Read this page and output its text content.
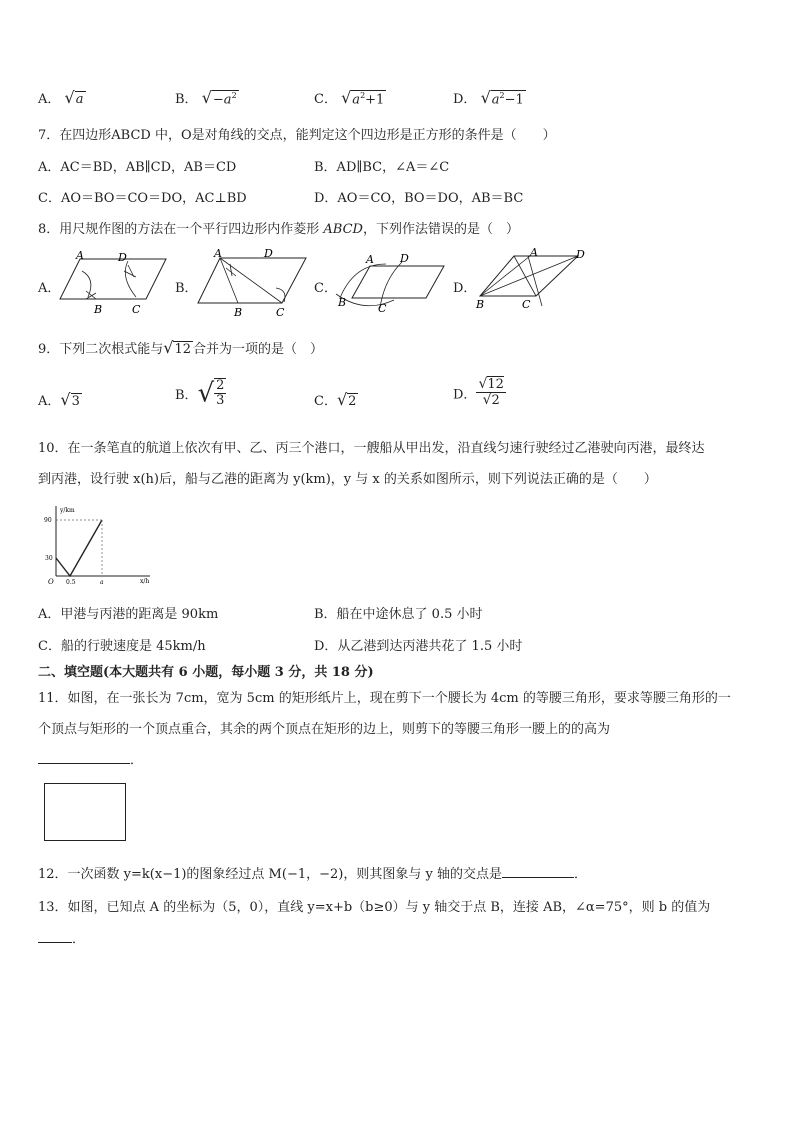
A． √a	B． $√-a^2$	C． $√a^2+1$	D． $√a^2-1$
7．在四边形ABCD 中，O是对角线的交点，能判定这个四边形是正方形的条件是（　　）
A．AC＝BD，AB∥CD，AB＝CD	B．AD∥BC，∠A＝∠C
C．AO＝BO＝CO＝DO，AC⊥BD	D．AO＝CO，BO＝DO，AB＝BC
8．用尺规作图的方法在一个平行四边形内作菱形 ABCD，下列作法错误的是（　）
A．
A	D
B	C
B．
A	D
B	C
C．
A D
B	C
D．
A	D
B	C
9．下列二次根式能与√12 合并为一项的是（　）
A．√3	B．√ $\frac{2}{3}$	C．√2	D． $\frac{√12}{√2}$
10．在一条笔直的航道上依次有甲、乙、丙三个港口，一艘船从甲出发，沿直线匀速行驶经过乙港驶向丙港，最终达
到丙港，设行驶 x(h)后，船与乙港的距离为 y(km)，y 与 x 的关系如图所示，则下列说法正确的是（　　）
y/km
x/h
O
90
30
0.5	a
A．甲港与丙港的距离是 90km	B．船在中途休息了 0.5 小时
C．船的行驶速度是 45km/h	D．从乙港到达丙港共花了 1.5 小时
二、填空题(本大题共有 6 小题，每小题 3 分，共 18 分)
11．如图，在一张长为 7cm，宽为 5cm 的矩形纸片上，现在剪下一个腰长为 4cm 的等腰三角形，要求等腰三角形的一
个顶点与矩形的一个顶点重合，其余的两个顶点在矩形的边上，则剪下的等腰三角形一腰上的的高为
．
12．一次函数 y=k(x−1)的图象经过点 M(−1，−2)，则其图象与 y 轴的交点是	．
13．如图，已知点 A 的坐标为（5，0），直线 y=x+b（b≥0）与 y 轴交于点 B，连接 AB，∠α=75°，则 b 的值为
．
